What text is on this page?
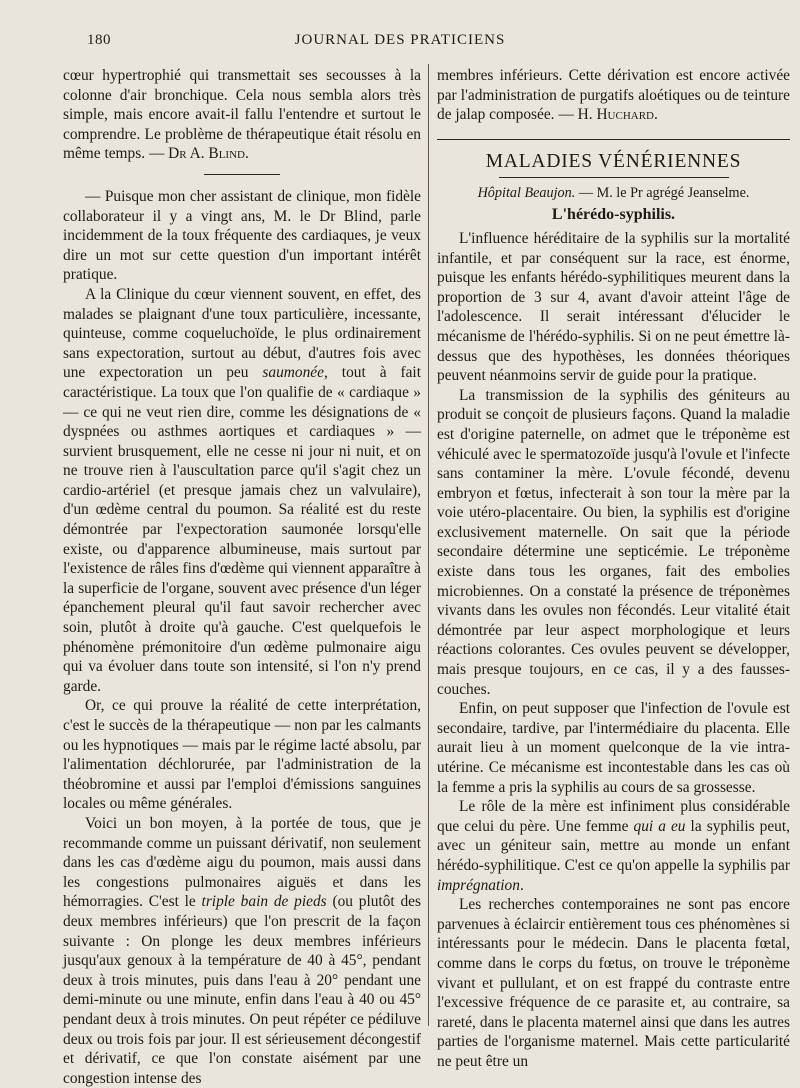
180	JOURNAL DES PRATICIENS

cœur hypertrophié qui transmettait ses secousses à la colonne d'air bronchique. Cela nous sembla alors très simple, mais encore avait-il fallu l'entendre et surtout le comprendre. Le problème de thérapeutique était résolu en même temps. — Dr A. Blind.

— Puisque mon cher assistant de clinique, mon fidèle collaborateur il y a vingt ans, M. le Dr Blind, parle incidemment de la toux fréquente des cardiaques, je veux dire un mot sur cette question d'un important intérêt pratique.

A la Clinique du cœur viennent souvent, en effet, des malades se plaignant d'une toux particulière, incessante, quinteuse, comme coqueluchoïde, le plus ordinairement sans expectoration, surtout au début, d'autres fois avec une expectoration un peu saumonée, tout à fait caractéristique. La toux que l'on qualifie de « cardiaque » — ce qui ne veut rien dire, comme les désignations de « dyspnées ou asthmes aortiques et cardiaques » — survient brusquement, elle ne cesse ni jour ni nuit, et on ne trouve rien à l'auscultation parce qu'il s'agit chez un cardio-artériel (et presque jamais chez un valvulaire), d'un œdème central du poumon. Sa réalité est du reste démontrée par l'expectoration saumonée lorsqu'elle existe, ou d'apparence albumineuse, mais surtout par l'existence de râles fins d'œdème qui viennent apparaître à la superficie de l'organe, souvent avec présence d'un léger épanchement pleural qu'il faut savoir rechercher avec soin, plutôt à droite qu'à gauche. C'est quelquefois le phénomène prémonitoire d'un œdème pulmonaire aigu qui va évoluer dans toute son intensité, si l'on n'y prend garde.

Or, ce qui prouve la réalité de cette interprétation, c'est le succès de la thérapeutique — non par les calmants ou les hypnotiques — mais par le régime lacté absolu, par l'alimentation déchlorurée, par l'administration de la théobromine et aussi par l'emploi d'émissions sanguines locales ou même générales.

Voici un bon moyen, à la portée de tous, que je recommande comme un puissant dérivatif, non seulement dans les cas d'œdème aigu du poumon, mais aussi dans les congestions pulmonaires aiguës et dans les hémorragies. C'est le triple bain de pieds (ou plutôt des deux membres inférieurs) que l'on prescrit de la façon suivante : On plonge les deux membres inférieurs jusqu'aux genoux à la température de 40 à 45°, pendant deux à trois minutes, puis dans l'eau à 20° pendant une demi-minute ou une minute, enfin dans l'eau à 40 ou 45° pendant deux à trois minutes. On peut répéter ce pédiluve deux ou trois fois par jour. Il est sérieusement décongestif et dérivatif, ce que l'on constate aisément par une congestion intense des

membres inférieurs. Cette dérivation est encore activée par l'administration de purgatifs aloétiques ou de teinture de jalap composée. — H. Huchard.

MALADIES VÉNÉRIENNES
Hôpital Beaujon. — M. le Pr agrégé Jeanselme.
L'hérédo-syphilis.

L'influence héréditaire de la syphilis sur la mortalité infantile, et par conséquent sur la race, est énorme, puisque les enfants hérédo-syphilitiques meurent dans la proportion de 3 sur 4, avant d'avoir atteint l'âge de l'adolescence. Il serait intéressant d'élucider le mécanisme de l'hérédo-syphilis. Si on ne peut émettre là-dessus que des hypothèses, les données théoriques peuvent néanmoins servir de guide pour la pratique.

La transmission de la syphilis des géniteurs au produit se conçoit de plusieurs façons. Quand la maladie est d'origine paternelle, on admet que le tréponème est véhiculé avec le spermatozoïde jusqu'à l'ovule et l'infecte sans contaminer la mère. L'ovule fécondé, devenu embryon et fœtus, infecterait à son tour la mère par la voie utéro-placentaire. Ou bien, la syphilis est d'origine exclusivement maternelle. On sait que la période secondaire détermine une septicémie. Le tréponème existe dans tous les organes, fait des embolies microbiennes. On a constaté la présence de tréponèmes vivants dans les ovules non fécondés. Leur vitalité était démontrée par leur aspect morphologique et leurs réactions colorantes. Ces ovules peuvent se développer, mais presque toujours, en ce cas, il y a des fausses-couches.

Enfin, on peut supposer que l'infection de l'ovule est secondaire, tardive, par l'intermédiaire du placenta. Elle aurait lieu à un moment quelconque de la vie intra-utérine. Ce mécanisme est incontestable dans les cas où la femme a pris la syphilis au cours de sa grossesse.

Le rôle de la mère est infiniment plus considérable que celui du père. Une femme qui a eu la syphilis peut, avec un géniteur sain, mettre au monde un enfant hérédo-syphilitique. C'est ce qu'on appelle la syphilis par imprégnation.

Les recherches contemporaines ne sont pas encore parvenues à éclaircir entièrement tous ces phénomènes si intéressants pour le médecin. Dans le placenta fœtal, comme dans le corps du fœtus, on trouve le tréponème vivant et pullulant, et on est frappé du contraste entre l'excessive fréquence de ce parasite et, au contraire, sa rareté, dans le placenta maternel ainsi que dans les autres parties de l'organisme maternel. Mais cette particularité ne peut être un
